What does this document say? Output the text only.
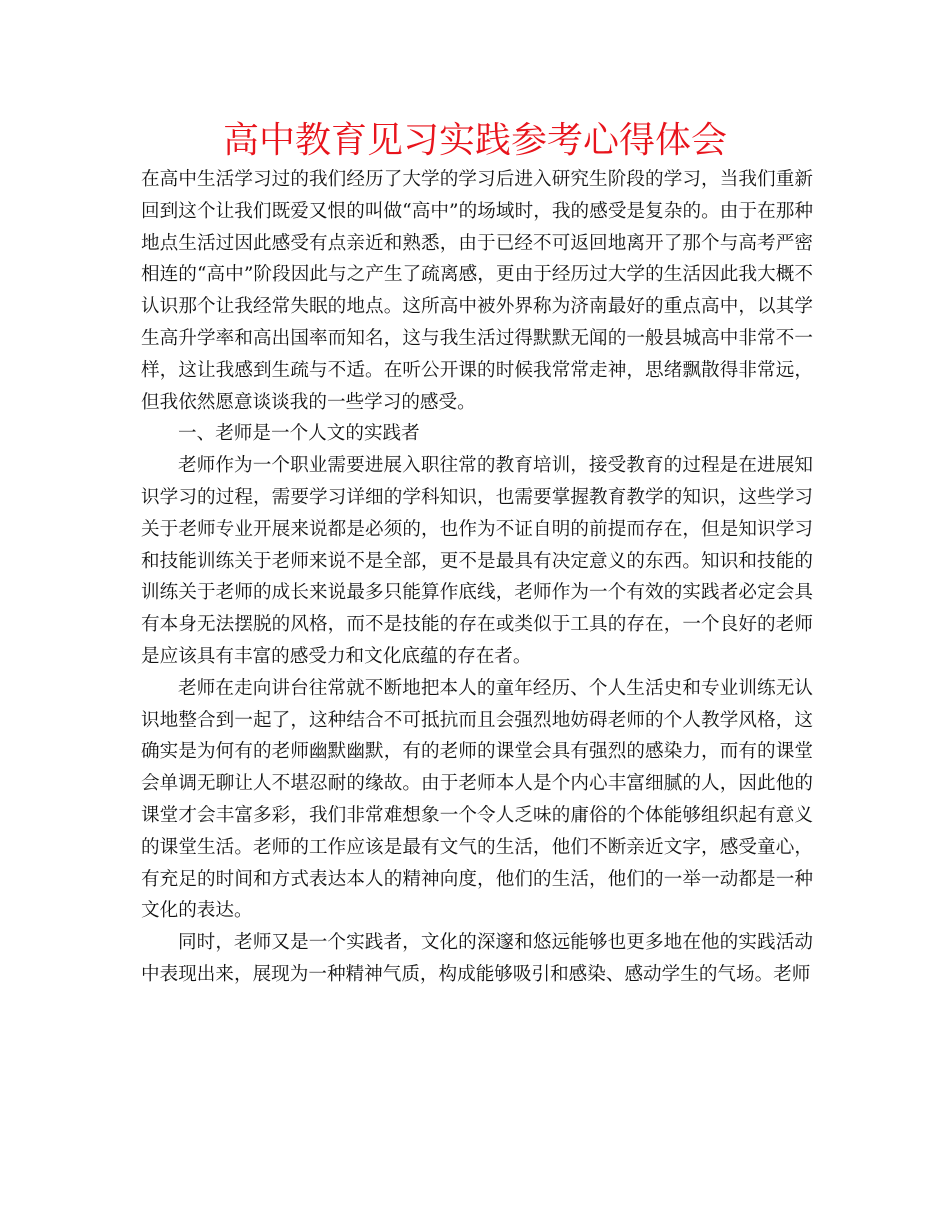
高中教育见习实践参考心得体会

在高中生活学习过的我们经历了大学的学习后进入研究生阶段的学习，当我们重新回到这个让我们既爱又恨的叫做“高中”的场域时，我的感受是复杂的。由于在那种地点生活过因此感受有点亲近和熟悉，由于已经不可返回地离开了那个与高考严密相连的“高中”阶段因此与之产生了疏离感，更由于经历过大学的生活因此我大概不认识那个让我经常失眠的地点。这所高中被外界称为济南最好的重点高中，以其学生高升学率和高出国率而知名，这与我生活过得默默无闻的一般县城高中非常不一样，这让我感到生疏与不适。在听公开课的时候我常常走神，思绪飘散得非常远，但我依然愿意谈谈我的一些学习的感受。

一、老师是一个人文的实践者

老师作为一个职业需要进展入职往常的教育培训，接受教育的过程是在进展知识学习的过程，需要学习详细的学科知识，也需要掌握教育教学的知识，这些学习关于老师专业开展来说都是必须的，也作为不证自明的前提而存在，但是知识学习和技能训练关于老师来说不是全部，更不是最具有决定意义的东西。知识和技能的训练关于老师的成长来说最多只能算作底线，老师作为一个有效的实践者必定会具有本身无法摆脱的风格，而不是技能的存在或类似于工具的存在，一个良好的老师是应该具有丰富的感受力和文化底蕴的存在者。

老师在走向讲台往常就不断地把本人的童年经历、个人生活史和专业训练无认识地整合到一起了，这种结合不可抵抗而且会强烈地妨碍老师的个人教学风格，这确实是为何有的老师幽默幽默，有的老师的课堂会具有强烈的感染力，而有的课堂会单调无聊让人不堪忍耐的缘故。由于老师本人是个内心丰富细腻的人，因此他的课堂才会丰富多彩，我们非常难想象一个令人乏味的庸俗的个体能够组织起有意义的课堂生活。老师的工作应该是最有文气的生活，他们不断亲近文字，感受童心，有充足的时间和方式表达本人的精神向度，他们的生活，他们的一举一动都是一种文化的表达。

同时，老师又是一个实践者，文化的深邃和悠远能够也更多地在他的实践活动中表现出来，展现为一种精神气质，构成能够吸引和感染、感动学生的气场。老师
